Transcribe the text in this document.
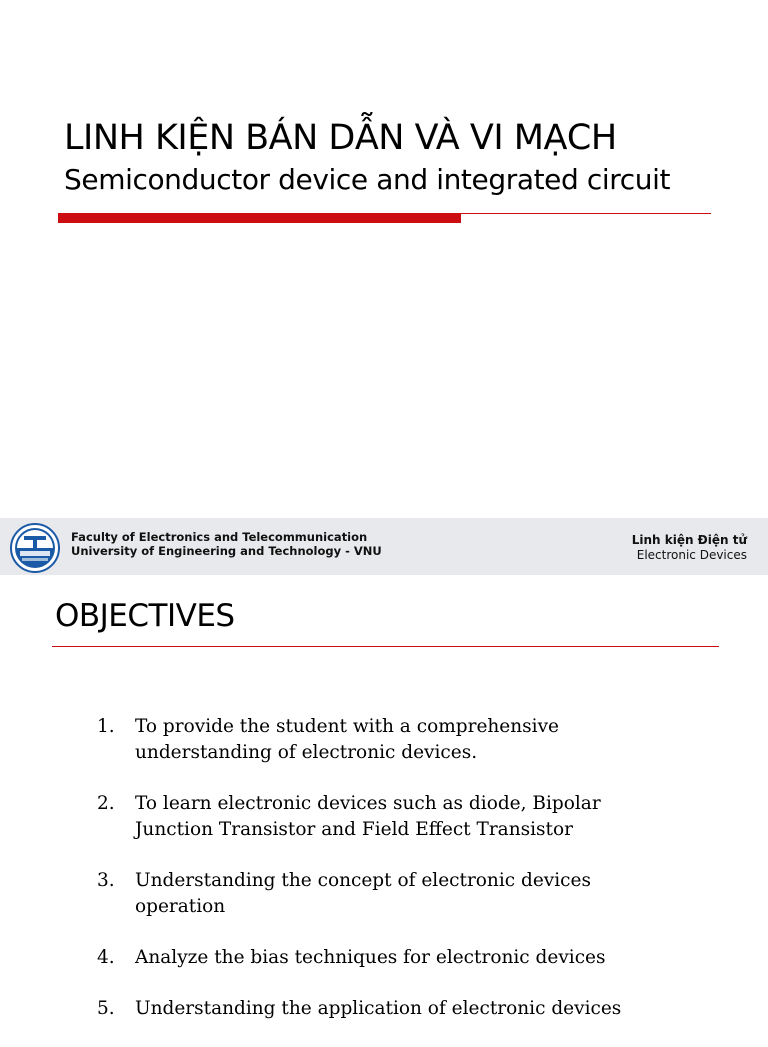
LINH KIỆN BÁN DẪN VÀ VI MẠCH
Semiconductor device and integrated circuit
Faculty of Electronics and Telecommunication
University of Engineering and Technology - VNU
Linh kiện Điện tử
Electronic Devices
OBJECTIVES
1.	To provide the student with a comprehensive
understanding of electronic devices.
2.	To learn electronic devices such as diode, Bipolar
Junction Transistor and Field Effect Transistor
3.	Understanding the concept of electronic devices
operation
4.	Analyze the bias techniques for electronic devices
5.	Understanding the application of electronic devices
